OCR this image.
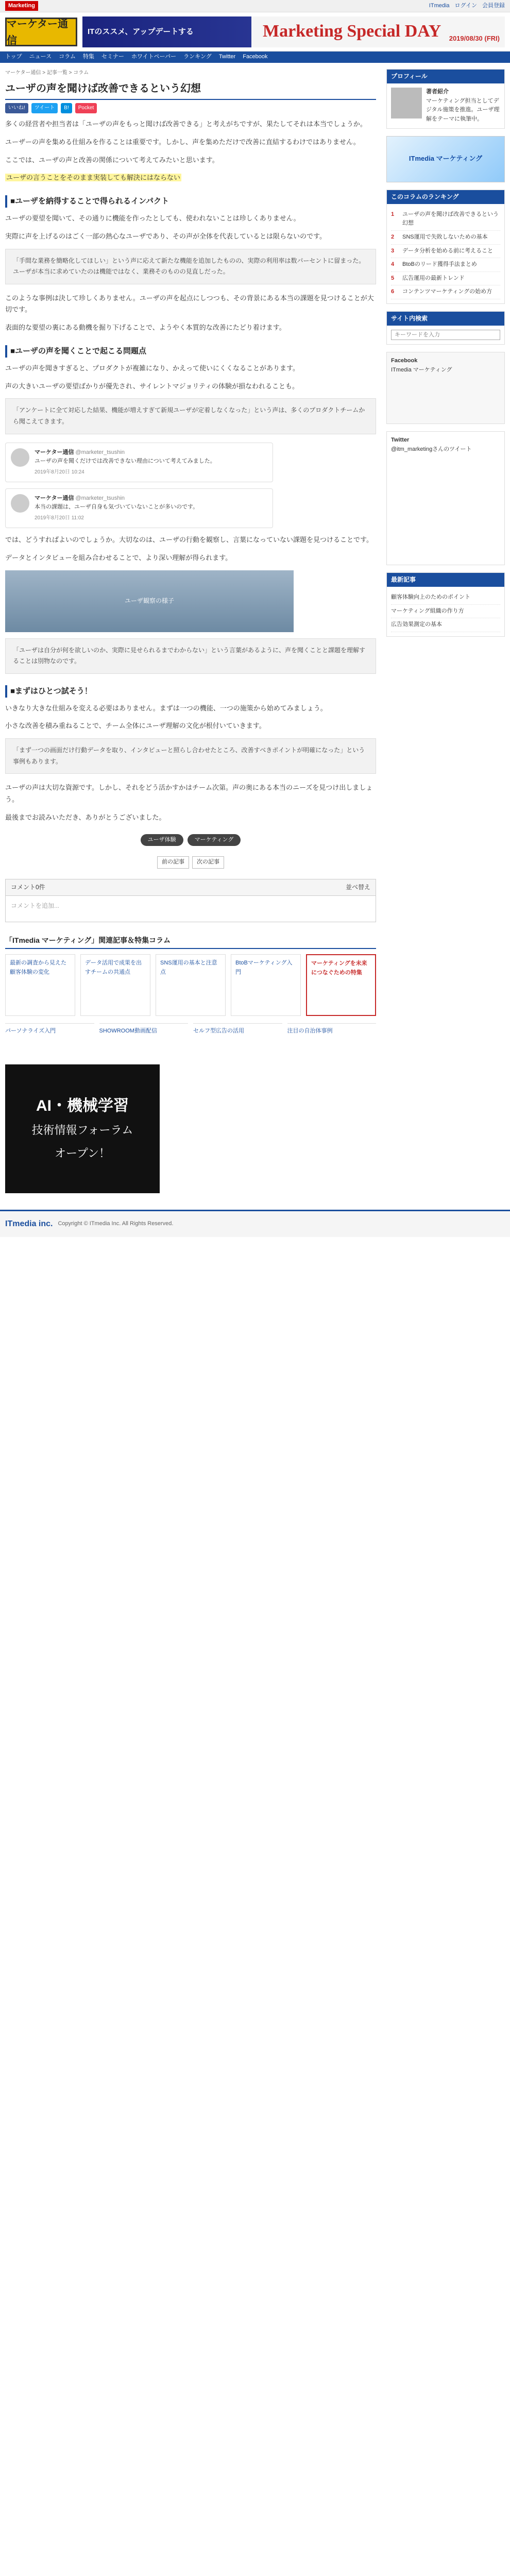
Marketing	ITmedia ログイン 会員登録
マーケター通信
ITのススメ、アップデートする	Marketing Special DAY 2019/08/30 (FRI)
トップ ニュース コラム 特集 セミナー ホワイトペーパー ランキング Twitter Facebook
マーケター通信 > 記事一覧 > コラム
ユーザの声を聞けば改善できるという幻想
いいね!	ツイート	B!	Pocket

多くの経営者や担当者は「ユーザの声をもっと聞けば改善できる」と考えがちですが、果たしてそれは本当でしょうか。

ユーザーの声を集める仕組みを作ることは重要です。しかし、声を集めただけで改善に直結するわけではありません。

ここでは、ユーザの声と改善の関係について考えてみたいと思います。

ユーザの言うことをそのまま実装しても解決にはならない

■ユーザを納得することで得られるインパクト

ユーザの要望を聞いて、その通りに機能を作ったとしても、使われないことは珍しくありません。

実際に声を上げるのはごく一部の熱心なユーザであり、その声が全体を代表しているとは限らないのです。

「手間な業務を簡略化してほしい」という声に応えて新たな機能を追加したものの、実際の利用率は数パーセントに留まった。ユーザが本当に求めていたのは機能ではなく、業務そのものの見直しだった。

このような事例は決して珍しくありません。ユーザの声を起点にしつつも、その背景にある本当の課題を見つけることが大切です。

表面的な要望の裏にある動機を掘り下げることで、ようやく本質的な改善にたどり着けます。

■ユーザの声を聞くことで起こる問題点

ユーザの声を聞きすぎると、プロダクトが複雑になり、かえって使いにくくなることがあります。

声の大きいユーザの要望ばかりが優先され、サイレントマジョリティの体験が損なわれることも。

「アンケートに全て対応した結果、機能が増えすぎて新規ユーザが定着しなくなった」という声は、多くのプロダクトチームから聞こえてきます。
マーケター通信 @marketer_tsushin
ユーザの声を聞くだけでは改善できない理由について考えてみました。
2019年8月20日 10:24
マーケター通信 @marketer_tsushin
本当の課題は、ユーザ自身も気づいていないことが多いのです。
2019年8月20日 11:02

では、どうすればよいのでしょうか。大切なのは、ユーザの行動を観察し、言葉になっていない課題を見つけることです。

データとインタビューを組み合わせることで、より深い理解が得られます。

ユーザ観察の様子
「ユーザは自分が何を欲しいのか、実際に見せられるまでわからない」という言葉があるように、声を聞くことと課題を理解することは別物なのです。
■まずはひとつ試そう！

いきなり大きな仕組みを変える必要はありません。まずは一つの機能、一つの施策から始めてみましょう。

小さな改善を積み重ねることで、チーム全体にユーザ理解の文化が根付いていきます。

「まず一つの画面だけ行動データを取り、インタビューと照らし合わせたところ、改善すべきポイントが明確になった」という事例もあります。

ユーザの声は大切な資源です。しかし、それをどう活かすかはチーム次第。声の奥にある本当のニーズを見つけ出しましょう。

最後までお読みいただき、ありがとうございました。

ユーザ体験	マーケティング
前の記事	次の記事
コメント0件	並べ替え
コメントを追加...
「ITmedia マーケティング」関連記事＆特集コラム
最新の調査から見えた顧客体験の変化
データ活用で成果を出すチームの共通点
SNS運用の基本と注意点
BtoBマーケティング入門
マーケティングを未来につなぐための特集
パーソナライズ入門	SHOWROOM動画配信	セルフ型広告の活用	注目の自治体事例
AI・機械学習
技術情報フォーラム
オープン！
プロフィール
著者紹介
マーケティング担当としてデジタル施策を推進。ユーザ理解をテーマに執筆中。
ITmedia マーケティング
このコラムのランキング
1	ユーザの声を聞けば改善できるという幻想
2	SNS運用で失敗しないための基本
3	データ分析を始める前に考えること
4	BtoBのリード獲得手法まとめ
5	広告運用の最新トレンド
6	コンテンツマーケティングの始め方
サイト内検索
キーワードを入力
Facebook
ITmedia マーケティング
Twitter
@itm_marketingさんのツイート
最新記事
顧客体験向上のためのポイント
マーケティング組織の作り方
広告効果測定の基本
ITmedia inc. Copyright © ITmedia Inc. All Rights Reserved.
